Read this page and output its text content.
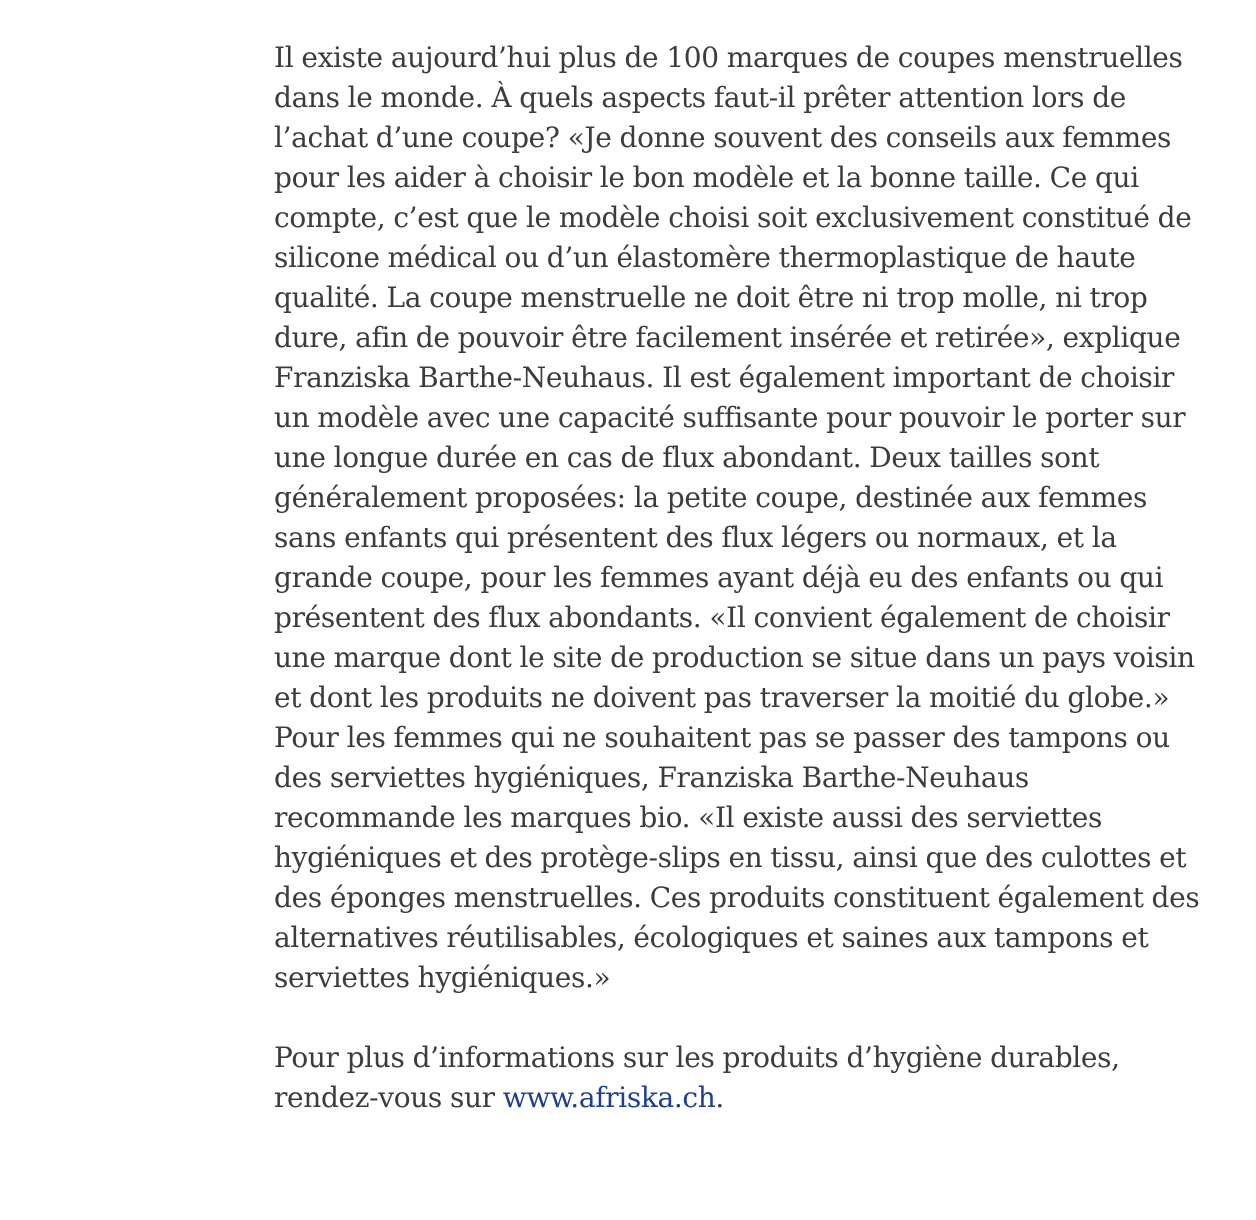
Il existe aujourd’hui plus de 100 marques de coupes menstruelles dans le monde. À quels aspects faut-il prêter attention lors de l’achat d’une coupe? «Je donne souvent des conseils aux femmes pour les aider à choisir le bon modèle et la bonne taille. Ce qui compte, c’est que le modèle choisi soit exclusivement constitué de silicone médical ou d’un élastomère thermoplastique de haute qualité. La coupe menstruelle ne doit être ni trop molle, ni trop dure, afin de pouvoir être facilement insérée et retirée», explique Franziska Barthe-Neuhaus. Il est également important de choisir un modèle avec une capacité suffisante pour pouvoir le porter sur une longue durée en cas de flux abondant. Deux tailles sont généralement proposées: la petite coupe, destinée aux femmes sans enfants qui présentent des flux légers ou normaux, et la grande coupe, pour les femmes ayant déjà eu des enfants ou qui présentent des flux abondants. «Il convient également de choisir une marque dont le site de production se situe dans un pays voisin et dont les produits ne doivent pas traverser la moitié du globe.»

Pour les femmes qui ne souhaitent pas se passer des tampons ou des serviettes hygiéniques, Franziska Barthe-Neuhaus recommande les marques bio. «Il existe aussi des serviettes hygiéniques et des protège-slips en tissu, ainsi que des culottes et des éponges menstruelles. Ces produits constituent également des alternatives réutilisables, écologiques et saines aux tampons et serviettes hygiéniques.»

Pour plus d’informations sur les produits d’hygiène durables, rendez-vous sur www.afriska.ch.
